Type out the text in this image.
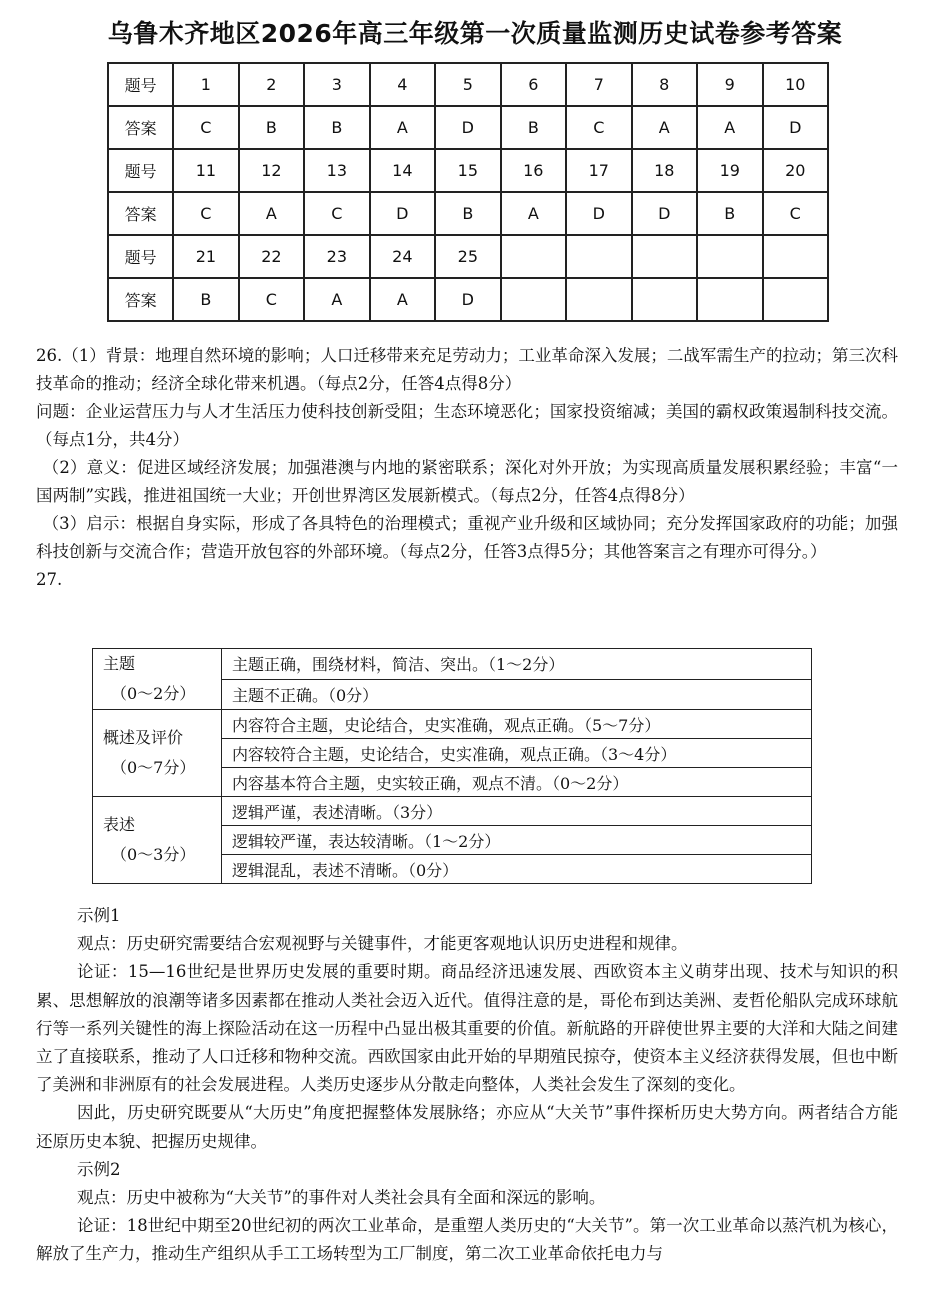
乌鲁木齐地区2026年高三年级第一次质量监测历史试卷参考答案
题号	1	2	3	4	5	6	7	8	9	10
答案	C	B	B	A	D	B	C	A	A	D
题号	11	12	13	14	15	16	17	18	19	20
答案	C	A	C	D	B	A	D	D	B	C
题号	21	22	23	24	25					
答案	B	C	A	A	D					

26.（1）背景：地理自然环境的影响；人口迁移带来充足劳动力；工业革命深入发展；二战军需生产的拉动；第三次科技革命的推动；经济全球化带来机遇。（每点2分，任答4点得8分）

问题：企业运营压力与人才生活压力使科技创新受阻；生态环境恶化；国家投资缩减；美国的霸权政策遏制科技交流。（每点1分，共4分）

（2）意义：促进区域经济发展；加强港澳与内地的紧密联系；深化对外开放；为实现高质量发展积累经验；丰富“一国两制”实践，推进祖国统一大业；开创世界湾区发展新模式。（每点2分，任答4点得8分）

（3）启示：根据自身实际，形成了各具特色的治理模式；重视产业升级和区域协同；充分发挥国家政府的功能；加强科技创新与交流合作；营造开放包容的外部环境。（每点2分，任答3点得5分；其他答案言之有理亦可得分。）

27.

主题
（0～2分）	主题正确，围绕材料，简洁、突出。（1～2分）
	主题不正确。（0分）

概述及评价
（0～7分）	内容符合主题，史论结合，史实准确，观点正确。（5～7分）
	内容较符合主题，史论结合，史实准确，观点正确。（3～4分）
	内容基本符合主题，史实较正确，观点不清。（0～2分）

表述
（0～3分）	逻辑严谨，表述清晰。（3分）
	逻辑较严谨，表达较清晰。（1～2分）
	逻辑混乱，表述不清晰。（0分）

示例1

观点：历史研究需要结合宏观视野与关键事件，才能更客观地认识历史进程和规律。

论证：15—16世纪是世界历史发展的重要时期。商品经济迅速发展、西欧资本主义萌芽出现、技术与知识的积累、思想解放的浪潮等诸多因素都在推动人类社会迈入近代。值得注意的是，哥伦布到达美洲、麦哲伦船队完成环球航行等一系列关键性的海上探险活动在这一历程中凸显出极其重要的价值。新航路的开辟使世界主要的大洋和大陆之间建立了直接联系，推动了人口迁移和物种交流。西欧国家由此开始的早期殖民掠夺，使资本主义经济获得发展，但也中断了美洲和非洲原有的社会发展进程。人类历史逐步从分散走向整体，人类社会发生了深刻的变化。

因此，历史研究既要从“大历史”角度把握整体发展脉络；亦应从“大关节”事件探析历史大势方向。两者结合方能还原历史本貌、把握历史规律。

示例2

观点：历史中被称为“大关节”的事件对人类社会具有全面和深远的影响。

论证：18世纪中期至20世纪初的两次工业革命，是重塑人类历史的“大关节”。第一次工业革命以蒸汽机为核心，解放了生产力，推动生产组织从手工工场转型为工厂制度，第二次工业革命依托电力与
